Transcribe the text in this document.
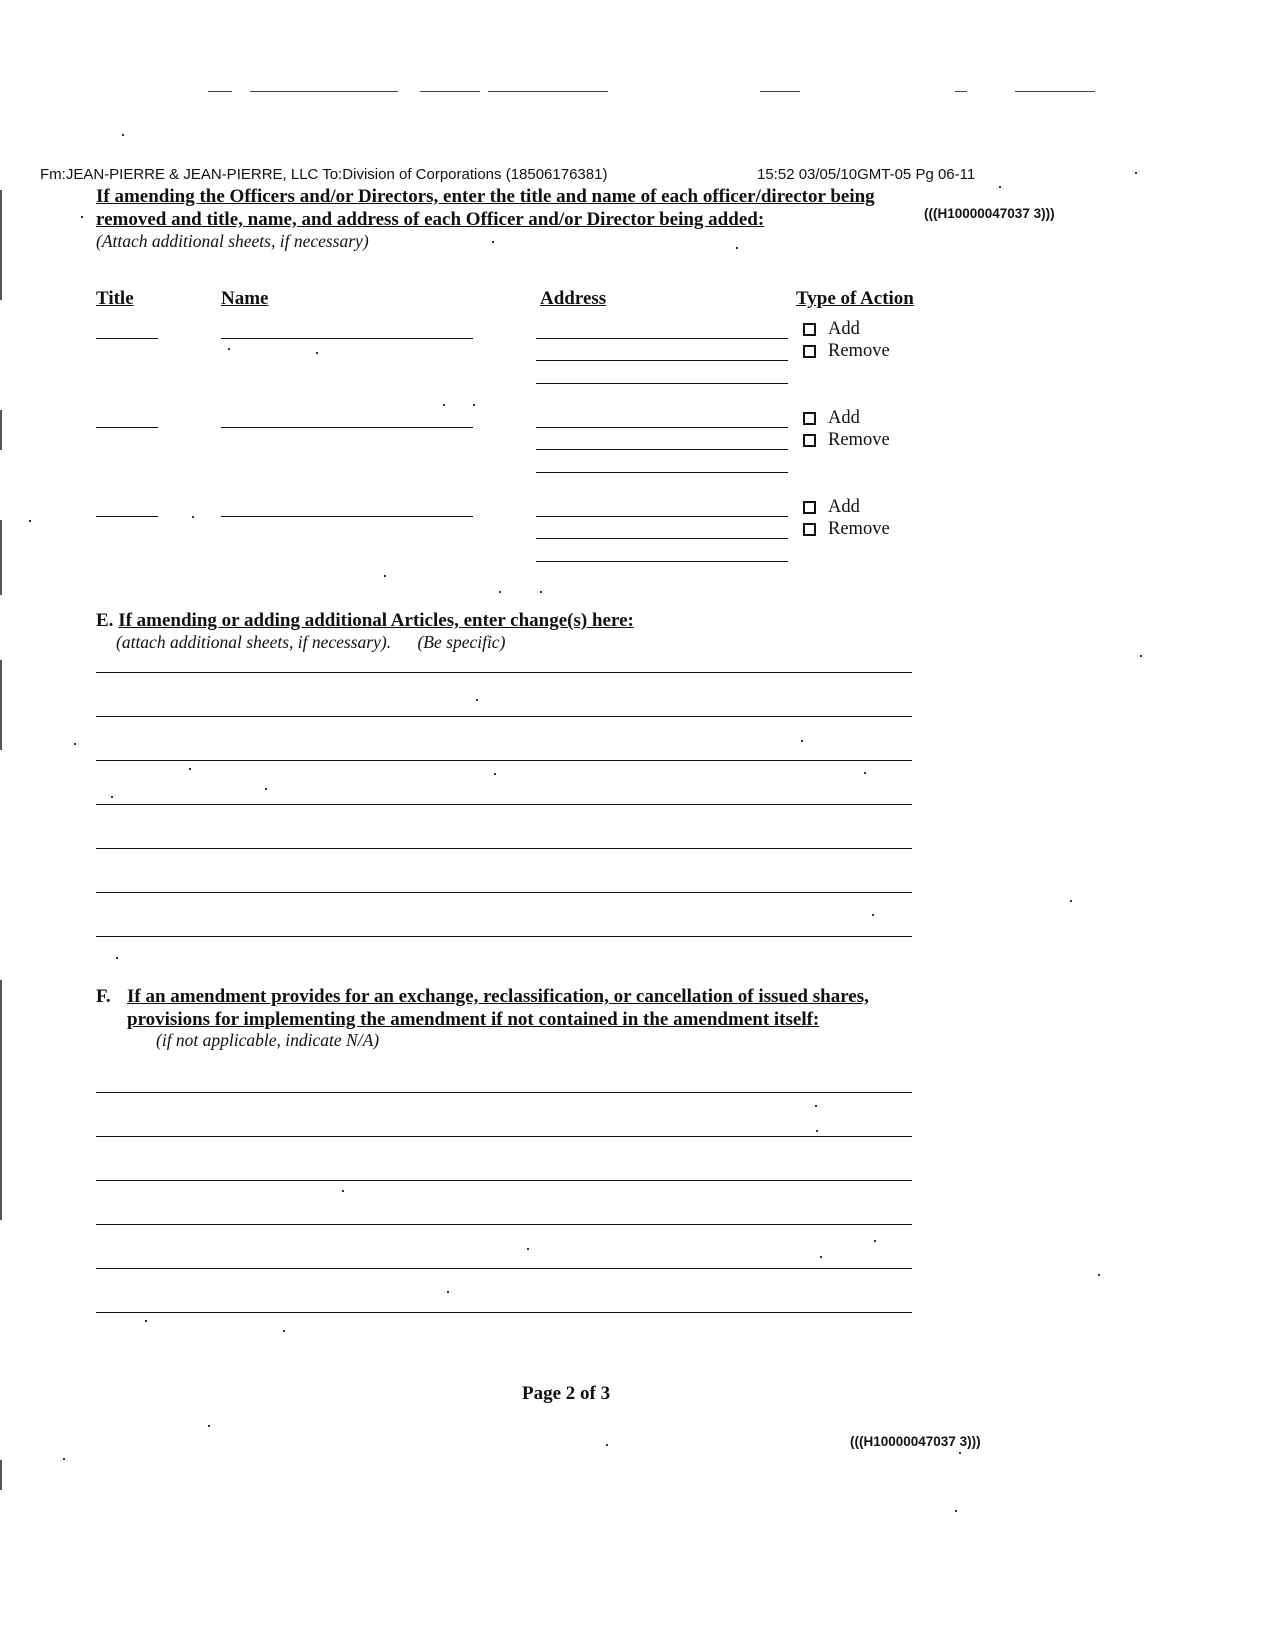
Fm:JEAN-PIERRE & JEAN-PIERRE, LLC To:Division of Corporations (18506176381)	15:52 03/05/10GMT-05 Pg 06-11
If amending the Officers and/or Directors, enter the title and name of each officer/director being
removed and title, name, and address of each Officer and/or Director being added:	(((H10000047037 3)))
(Attach additional sheets, if necessary)
Title	Name	Address	Type of Action
Add
Remove
Add
Remove
Add
Remove
E. If amending or adding additional Articles, enter change(s) here:
(attach additional sheets, if necessary). (Be specific)
F. If an amendment provides for an exchange, reclassification, or cancellation of issued shares,
provisions for implementing the amendment if not contained in the amendment itself:
(if not applicable, indicate N/A)
Page 2 of 3
(((H10000047037 3)))
